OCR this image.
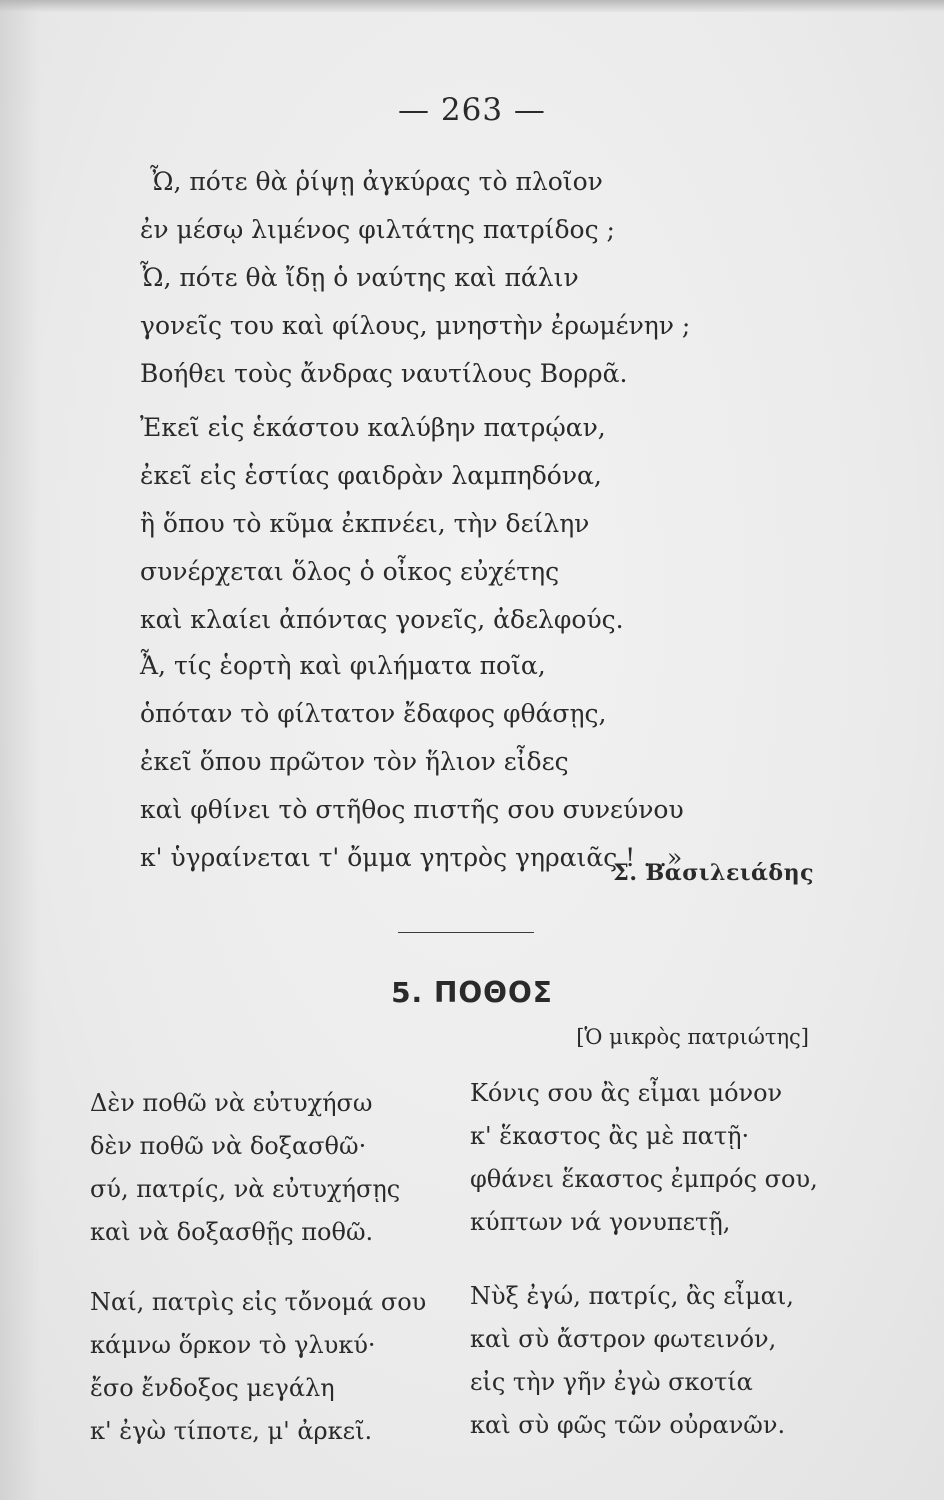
— 263 —
Ὦ, πότε θὰ ῥίψῃ ἀγκύρας τὸ πλοῖον
ἐν μέσῳ λιμένος φιλτάτης πατρίδος ;
Ὦ, πότε θὰ ἴδῃ ὁ ναύτης καὶ πάλιν
γονεῖς του καὶ φίλους, μνηστὴν ἐρωμένην ;
Βοήθει τοὺς ἄνδρας ναυτίλους Βορρᾶ.
Ἐκεῖ εἰς ἑκάστου καλύβην πατρῴαν,
ἐκεῖ εἰς ἑστίας φαιδρὰν λαμπηδόνα,
ἢ ὅπου τὸ κῦμα ἐκπνέει, τὴν δείλην
συνέρχεται ὅλος ὁ οἶκος εὐχέτης
καὶ κλαίει ἀπόντας γονεῖς, ἀδελφούς.
Ἆ, τίς ἑορτὴ καὶ φιλήματα ποῖα,
ὁπόταν τὸ φίλτατον ἔδαφος φθάσῃς,
ἐκεῖ ὅπου πρῶτον τὸν ἥλιον εἶδες
καὶ φθίνει τὸ στῆθος πιστῆς σου συνεύνου
κ' ὑγραίνεται τ' ὄμμα γητρὸς γηραιᾶς ! . .»
Σ. Βασιλειάδης
5. ΠΟΘΟΣ
[Ὁ μικρὸς πατριώτης]
Δὲν ποθῶ νὰ εὐτυχήσω
δὲν ποθῶ νὰ δοξασθῶ·
σύ, πατρίς, νὰ εὐτυχήσῃς
καὶ νὰ δοξασθῇς ποθῶ.
Ναί, πατρὶς εἰς τὄνομά σου
κάμνω ὅρκον τὸ γλυκύ·
ἔσο ἔνδοξος μεγάλη
κ' ἐγὼ τίποτε, μ' ἀρκεῖ.
Κόνις σου ἂς εἶμαι μόνον
κ' ἕκαστος ἂς μὲ πατῇ·
φθάνει ἕκαστος ἐμπρός σου,
κύπτων νά γονυπετῇ,
Νὺξ ἐγώ, πατρίς, ἂς εἶμαι,
καὶ σὺ ἄστρον φωτεινόν,
εἰς τὴν γῆν ἐγὼ σκοτία
καὶ σὺ φῶς τῶν οὐρανῶν.
